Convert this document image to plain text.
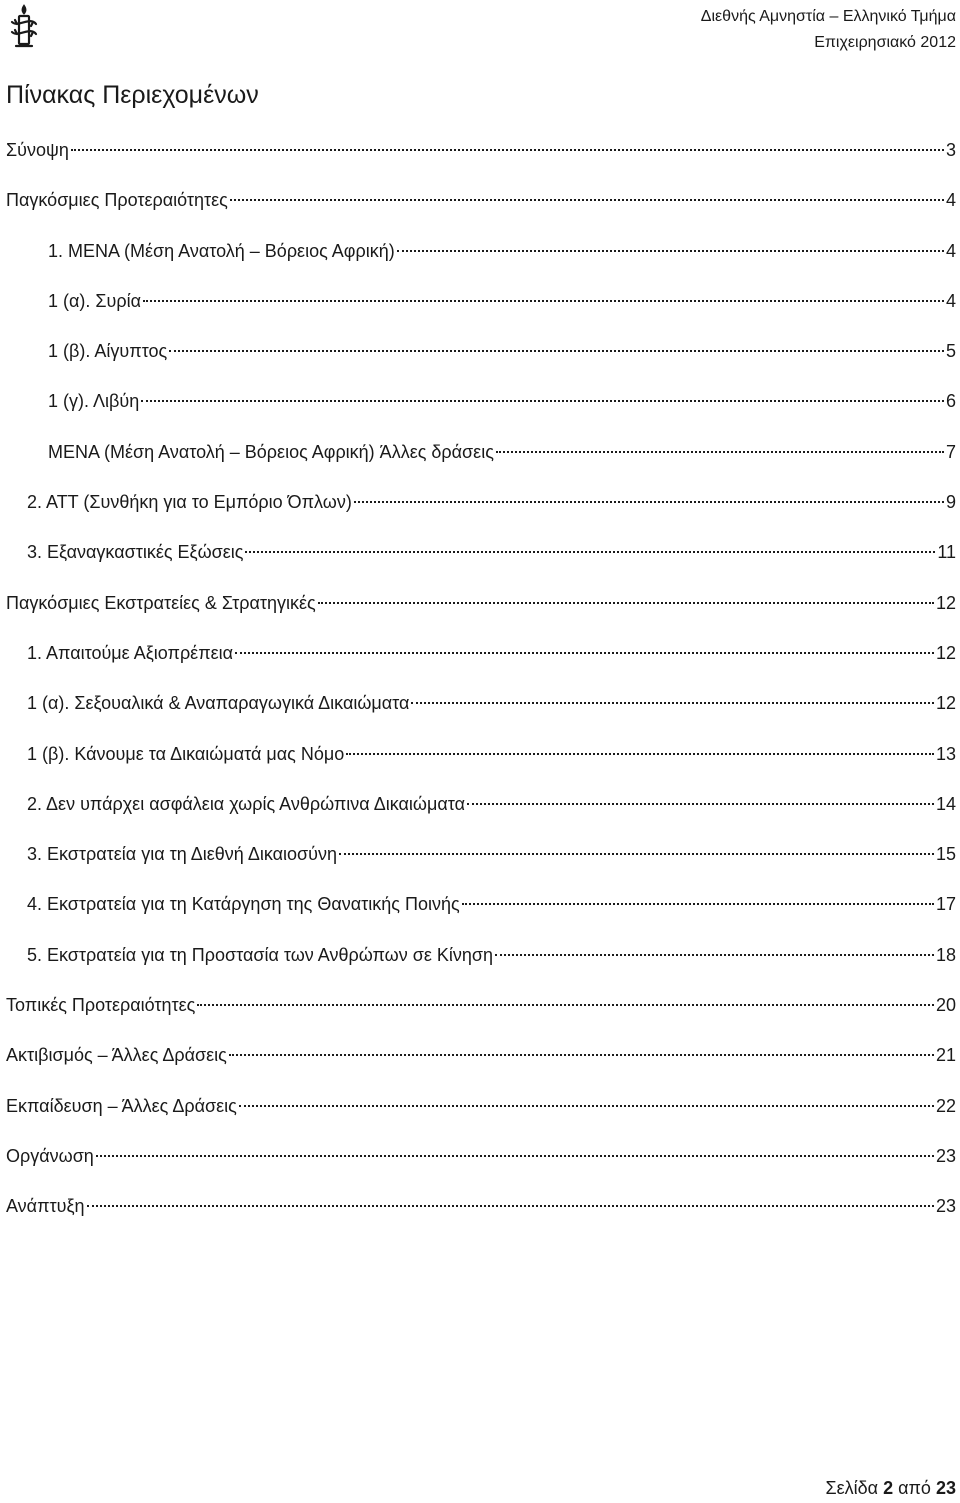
Διεθνής Αμνηστία – Ελληνικό Τμήμα
Επιχειρησιακό 2012
Πίνακας Περιεχομένων
Σύνοψη	3
Παγκόσμιες Προτεραιότητες	4
1. ΜΕΝΑ (Μέση Ανατολή – Βόρειος Αφρική)	4
1 (α). Συρία	4
1 (β). Αίγυπτος	5
1 (γ). Λιβύη	6
MENA (Μέση Ανατολή – Βόρειος Αφρική) Άλλες δράσεις	7
2. ATT (Συνθήκη για το Εμπόριο Όπλων)	9
3. Εξαναγκαστικές Εξώσεις	11
Παγκόσμιες Εκστρατείες & Στρατηγικές	12
1. Απαιτούμε Αξιοπρέπεια	12
1 (α). Σεξουαλικά & Αναπαραγωγικά Δικαιώματα	12
1 (β). Κάνουμε τα Δικαιώματά μας Νόμο	13
2. Δεν υπάρχει ασφάλεια χωρίς Ανθρώπινα Δικαιώματα	14
3. Εκστρατεία για τη Διεθνή Δικαιοσύνη	15
4. Εκστρατεία για τη Κατάργηση της Θανατικής Ποινής	17
5. Εκστρατεία για τη Προστασία των Ανθρώπων σε Κίνηση	18
Τοπικές Προτεραιότητες	20
Ακτιβισμός – Άλλες Δράσεις	21
Εκπαίδευση – Άλλες Δράσεις	22
Οργάνωση	23
Ανάπτυξη	23
Σελίδα 2 από 23
